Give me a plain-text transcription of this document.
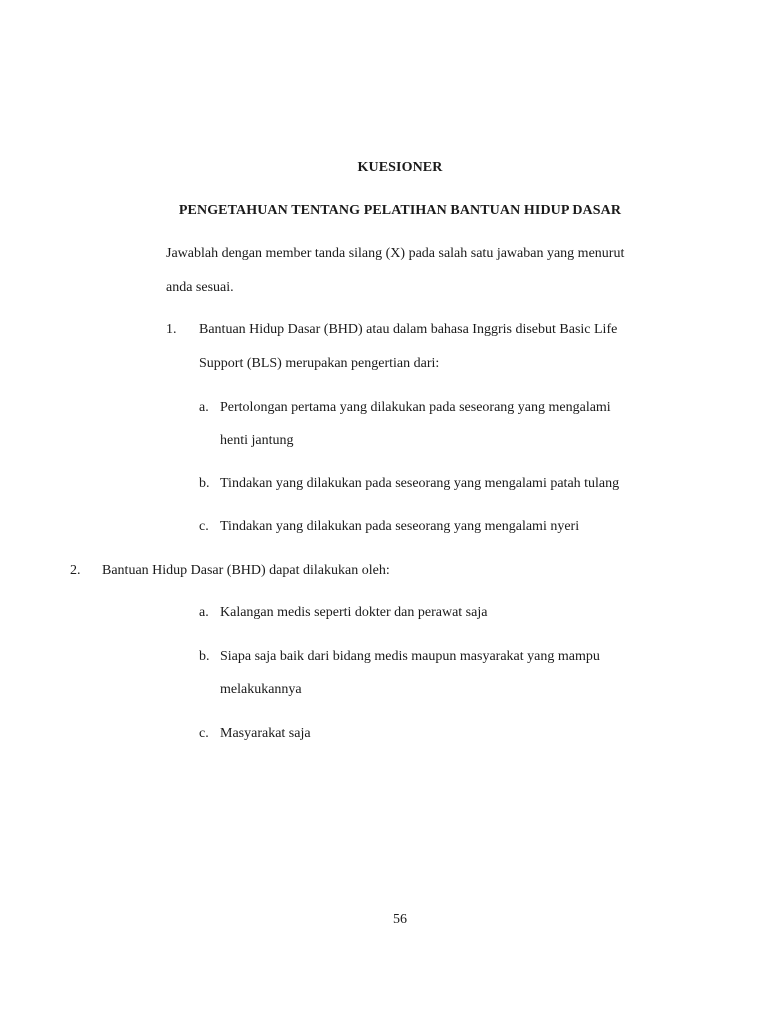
KUESIONER
PENGETAHUAN TENTANG PELATIHAN BANTUAN HIDUP DASAR
Jawablah dengan member tanda silang (X) pada salah satu jawaban yang menurut
anda sesuai.
1. Bantuan Hidup Dasar (BHD) atau dalam bahasa Inggris disebut Basic Life
Support (BLS) merupakan pengertian dari:
a. Pertolongan pertama yang dilakukan pada seseorang yang mengalami
henti jantung
b. Tindakan yang dilakukan pada seseorang yang mengalami patah tulang
c. Tindakan yang dilakukan pada seseorang yang mengalami nyeri
2. Bantuan Hidup Dasar (BHD) dapat dilakukan oleh:
a. Kalangan medis seperti dokter dan perawat saja
b. Siapa saja baik dari bidang medis maupun masyarakat yang mampu
melakukannya
c. Masyarakat saja
56
